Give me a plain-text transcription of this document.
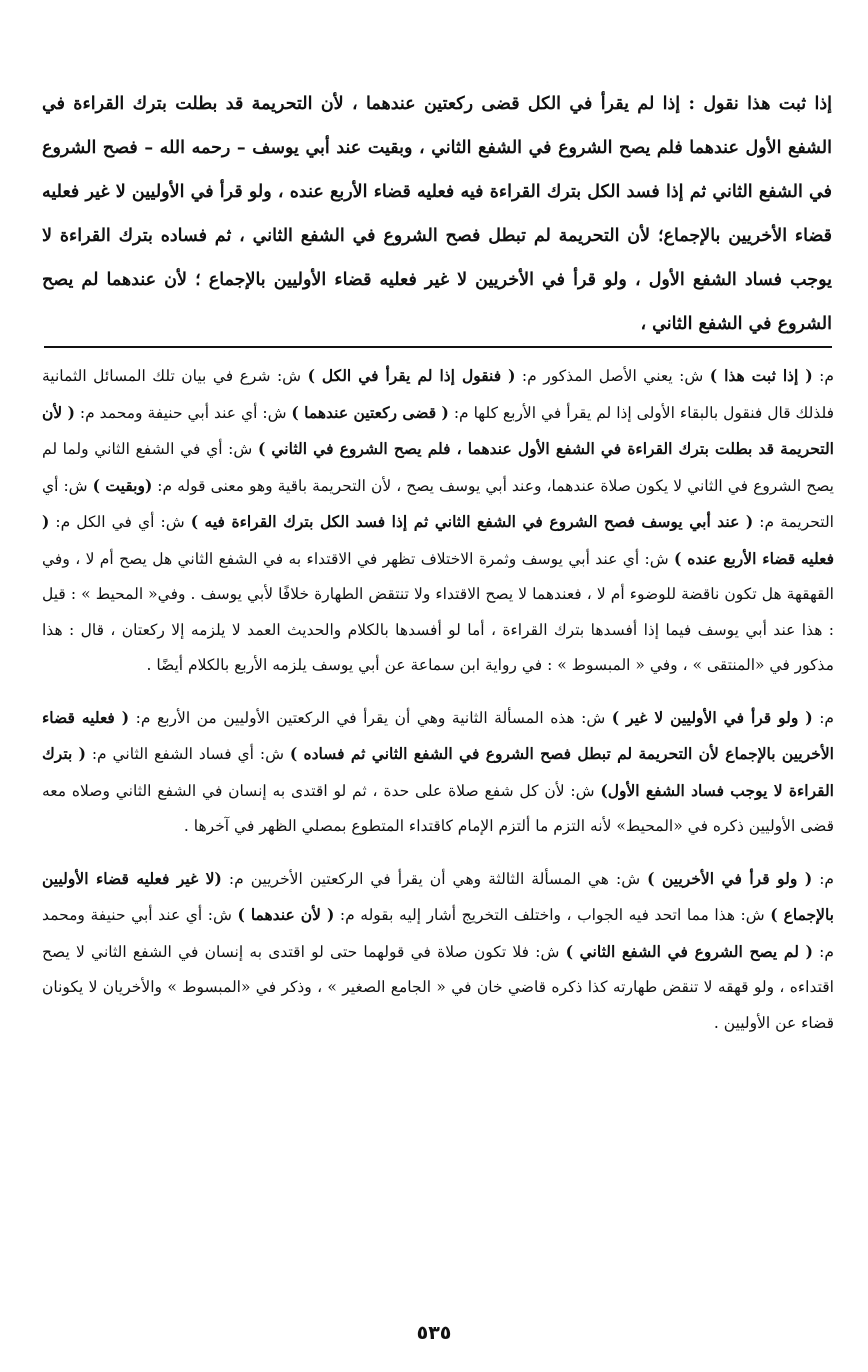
إذا ثبت هذا نقول : إذا لم يقرأ في الكل قضى ركعتين عندهما ، لأن التحريمة قد بطلت بترك القراءة في الشفع الأول عندهما فلم يصح الشروع في الشفع الثاني ، وبقيت عند أبي يوسف – رحمه الله – فصح الشروع في الشفع الثاني ثم إذا فسد الكل بترك القراءة فيه فعليه قضاء الأربع عنده ، ولو قرأ في الأوليين لا غير فعليه قضاء الأخريين بالإجماع؛ لأن التحريمة لم تبطل فصح الشروع في الشفع الثاني ، ثم فساده بترك القراءة لا يوجب فساد الشفع الأول ، ولو قرأ في الأخريين لا غير فعليه قضاء الأوليين بالإجماع ؛ لأن عندهما لم يصح الشروع في الشفع الثاني ،

م: ( إذا ثبت هذا ) ش: يعني الأصل المذكور م: ( فنقول إذا لم يقرأ في الكل ) ش: شرع في بيان تلك المسائل الثمانية فلذلك قال فنقول بالبقاء الأولى إذا لم يقرأ في الأربع كلها م: ( قضى ركعتين عندهما ) ش: أي عند أبي حنيفة ومحمد م: ( لأن التحريمة قد بطلت بترك القراءة في الشفع الأول عندهما ، فلم يصح الشروع في الثاني ) ش: أي في الشفع الثاني ولما لم يصح الشروع في الثاني لا يكون صلاة عندهما، وعند أبي يوسف يصح ، لأن التحريمة باقية وهو معنى قوله م: (وبقيت ) ش: أي التحريمة م: ( عند أبي يوسف فصح الشروع في الشفع الثاني ثم إذا فسد الكل بترك القراءة فيه ) ش: أي في الكل م: ( فعليه قضاء الأربع عنده ) ش: أي عند أبي يوسف وثمرة الاختلاف تظهر في الاقتداء به في الشفع الثاني هل يصح أم لا ، وفي القهقهة هل تكون ناقضة للوضوء أم لا ، فعندهما لا يصح الاقتداء ولا تنتقض الطهارة خلافًا لأبي يوسف . وفي« المحيط » : قيل : هذا عند أبي يوسف فيما إذا أفسدها بترك القراءة ، أما لو أفسدها بالكلام والحديث العمد لا يلزمه إلا ركعتان ، قال : هذا مذكور في «المنتقى » ، وفي « المبسوط » : في رواية ابن سماعة عن أبي يوسف يلزمه الأربع بالكلام أيضًا .

م: ( ولو قرأ في الأوليين لا غير ) ش: هذه المسألة الثانية وهي أن يقرأ في الركعتين الأوليين من الأربع م: ( فعليه قضاء الأخريين بالإجماع لأن التحريمة لم تبطل فصح الشروع في الشفع الثاني ثم فساده ) ش: أي فساد الشفع الثاني م: ( بترك القراءة لا يوجب فساد الشفع الأول) ش: لأن كل شفع صلاة على حدة ، ثم لو اقتدى به إنسان في الشفع الثاني وصلاه معه قضى الأوليين ذكره في «المحيط» لأنه التزم ما ألتزم الإمام كاقتداء المتطوع بمصلي الظهر في آخرها .

م: ( ولو قرأ في الأخريين ) ش: هي المسألة الثالثة وهي أن يقرأ في الركعتين الأخريين م: (لا غير فعليه قضاء الأوليين بالإجماع ) ش: هذا مما اتحد فيه الجواب ، واختلف التخريج أشار إليه بقوله م: ( لأن عندهما ) ش: أي عند أبي حنيفة ومحمد م: ( لم يصح الشروع في الشفع الثاني ) ش: فلا تكون صلاة في قولهما حتى لو اقتدى به إنسان في الشفع الثاني لا يصح اقتداءه ، ولو قهقه لا تنقض طهارته كذا ذكره قاضي خان في « الجامع الصغير » ، وذكر في «المبسوط » والأخريان لا يكونان قضاء عن الأوليين .

٥٣٥
